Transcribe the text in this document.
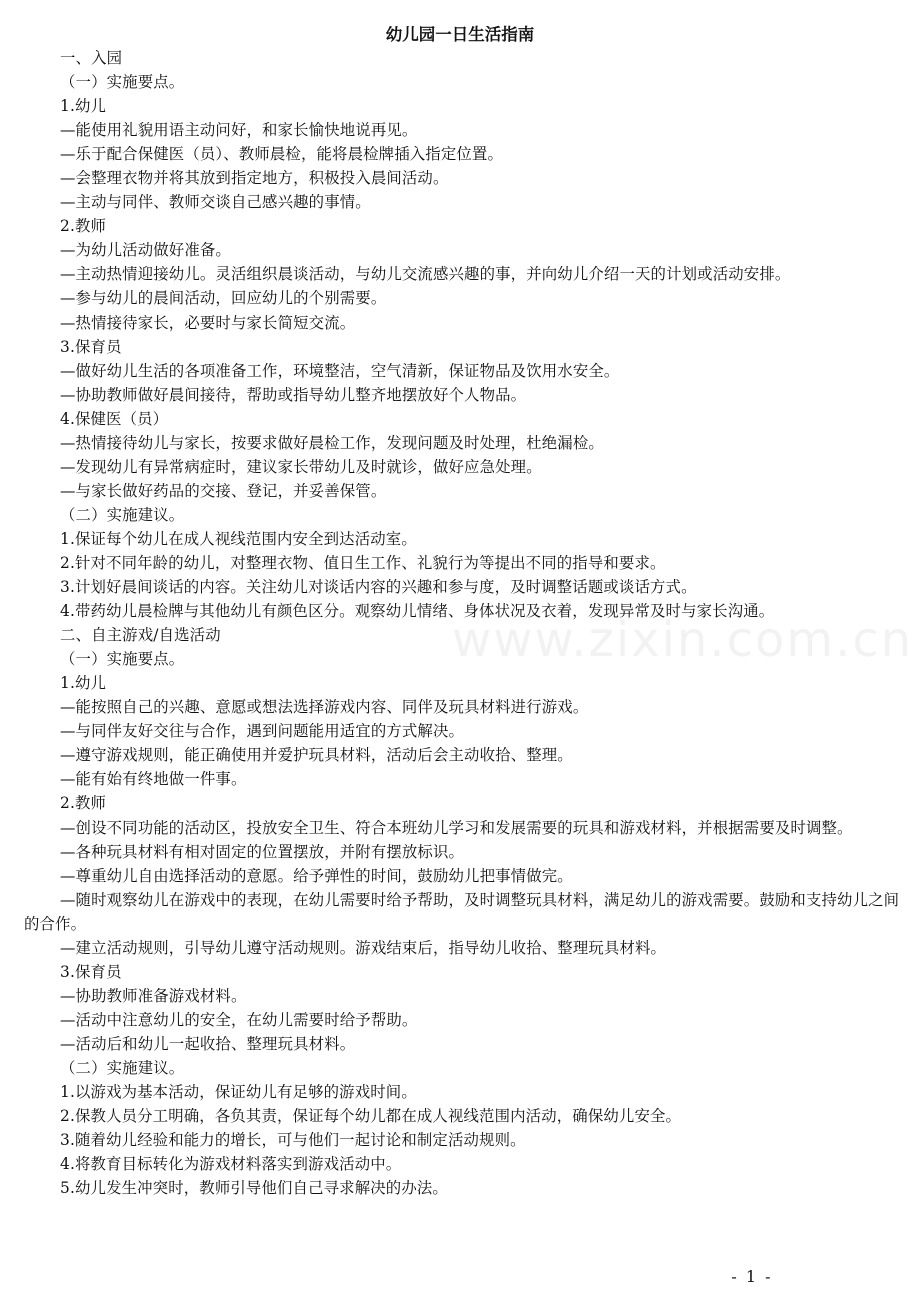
幼儿园一日生活指南
一、入园
（一）实施要点。
1.幼儿
—能使用礼貌用语主动问好，和家长愉快地说再见。
—乐于配合保健医（员）、教师晨检，能将晨检牌插入指定位置。
—会整理衣物并将其放到指定地方，积极投入晨间活动。
—主动与同伴、教师交谈自己感兴趣的事情。
2.教师
—为幼儿活动做好准备。
—主动热情迎接幼儿。灵活组织晨谈活动，与幼儿交流感兴趣的事，并向幼儿介绍一天的计划或活动安排。
—参与幼儿的晨间活动，回应幼儿的个别需要。
—热情接待家长，必要时与家长简短交流。
3.保育员
—做好幼儿生活的各项准备工作，环境整洁，空气清新，保证物品及饮用水安全。
—协助教师做好晨间接待，帮助或指导幼儿整齐地摆放好个人物品。
4.保健医（员）
—热情接待幼儿与家长，按要求做好晨检工作，发现问题及时处理，杜绝漏检。
—发现幼儿有异常病症时，建议家长带幼儿及时就诊，做好应急处理。
—与家长做好药品的交接、登记，并妥善保管。
（二）实施建议。
1.保证每个幼儿在成人视线范围内安全到达活动室。
2.针对不同年龄的幼儿，对整理衣物、值日生工作、礼貌行为等提出不同的指导和要求。
3.计划好晨间谈话的内容。关注幼儿对谈话内容的兴趣和参与度，及时调整话题或谈话方式。
4.带药幼儿晨检牌与其他幼儿有颜色区分。观察幼儿情绪、身体状况及衣着，发现异常及时与家长沟通。
二、自主游戏/自选活动
（一）实施要点。
1.幼儿
—能按照自己的兴趣、意愿或想法选择游戏内容、同伴及玩具材料进行游戏。
—与同伴友好交往与合作，遇到问题能用适宜的方式解决。
—遵守游戏规则，能正确使用并爱护玩具材料，活动后会主动收拾、整理。
—能有始有终地做一件事。
2.教师
—创设不同功能的活动区，投放安全卫生、符合本班幼儿学习和发展需要的玩具和游戏材料，并根据需要及时调整。
—各种玩具材料有相对固定的位置摆放，并附有摆放标识。
—尊重幼儿自由选择活动的意愿。给予弹性的时间，鼓励幼儿把事情做完。
—随时观察幼儿在游戏中的表现，在幼儿需要时给予帮助，及时调整玩具材料，满足幼儿的游戏需要。鼓励和支持幼儿之间的合作。
—建立活动规则，引导幼儿遵守活动规则。游戏结束后，指导幼儿收拾、整理玩具材料。
3.保育员
—协助教师准备游戏材料。
—活动中注意幼儿的安全，在幼儿需要时给予帮助。
—活动后和幼儿一起收拾、整理玩具材料。
（二）实施建议。
1.以游戏为基本活动，保证幼儿有足够的游戏时间。
2.保教人员分工明确，各负其责，保证每个幼儿都在成人视线范围内活动，确保幼儿安全。
3.随着幼儿经验和能力的增长，可与他们一起讨论和制定活动规则。
4.将教育目标转化为游戏材料落实到游戏活动中。
5.幼儿发生冲突时，教师引导他们自己寻求解决的办法。
www.zixin.com.cn
- 1 -
